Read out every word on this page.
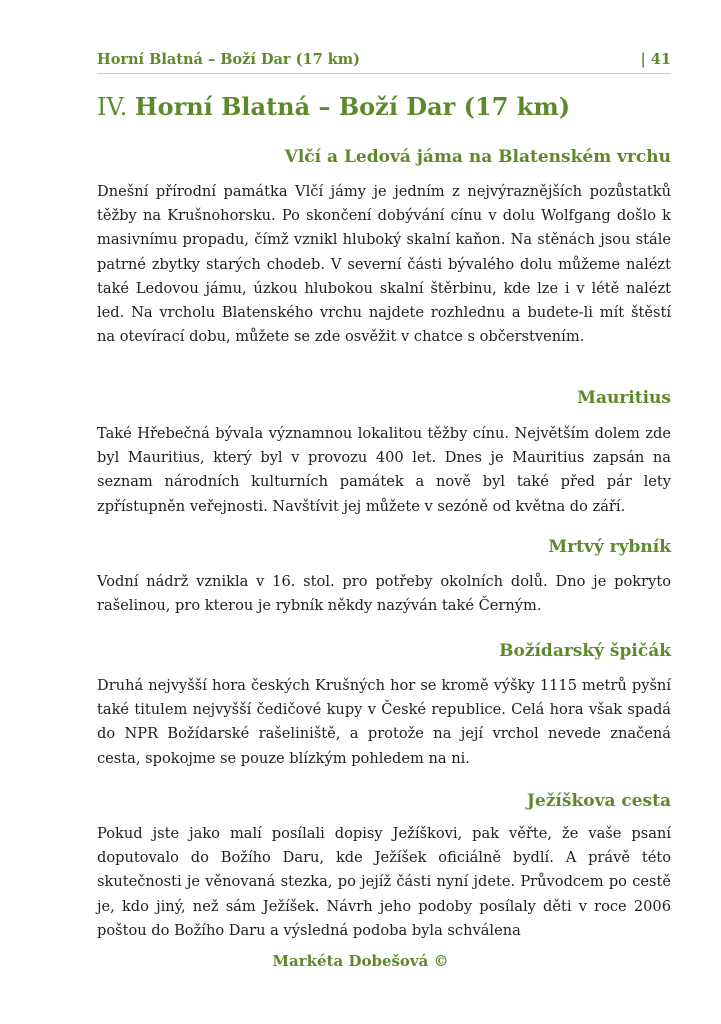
Horní Blatná – Boží Dar (17 km)	| 41
IV. Horní Blatná – Boží Dar (17 km)
Vlčí a Ledová jáma na Blatenském vrchu

Dnešní přírodní památka Vlčí jámy je jedním z nejvýraznějších pozůstatků těžby na Krušnohorsku. Po skončení dobývání cínu v dolu Wolfgang došlo k masivnímu propadu, čímž vznikl hluboký skalní kaňon. Na stěnách jsou stále patrné zbytky starých chodeb. V severní části bývalého dolu můžeme nalézt také Ledovou jámu, úzkou hlubokou skalní štěrbinu, kde lze i v létě nalézt led. Na vrcholu Blatenského vrchu najdete rozhlednu a budete-li mít štěstí na otevírací dobu, můžete se zde osvěžit v chatce s občerstvením.

Mauritius

Také Hřebečná bývala významnou lokalitou těžby cínu. Největším dolem zde byl Mauritius, který byl v provozu 400 let. Dnes je Mauritius zapsán na seznam národních kulturních památek a nově byl také před pár lety zpřístupněn veřejnosti. Navštívit jej můžete v sezóně od května do září.

Mrtvý rybník

Vodní nádrž vznikla v 16. stol. pro potřeby okolních dolů. Dno je pokryto rašelinou, pro kterou je rybník někdy nazýván také Černým.

Božídarský špičák

Druhá nejvyšší hora českých Krušných hor se kromě výšky 1115 metrů pyšní také titulem nejvyšší čedičové kupy v České republice. Celá hora však spadá do NPR Božídarské rašeliniště, a protože na její vrchol nevede značená cesta, spokojme se pouze blízkým pohledem na ni.

Ježíškova cesta

Pokud jste jako malí posílali dopisy Ježíškovi, pak věřte, že vaše psaní doputovalo do Božího Daru, kde Ježíšek oficiálně bydlí. A právě této skutečnosti je věnovaná stezka, po jejíž části nyní jdete. Průvodcem po cestě je, kdo jiný, než sám Ježíšek. Návrh jeho podoby posílaly děti v roce 2006 poštou do Božího Daru a výsledná podoba byla schválena

Markéta Dobešová ©
